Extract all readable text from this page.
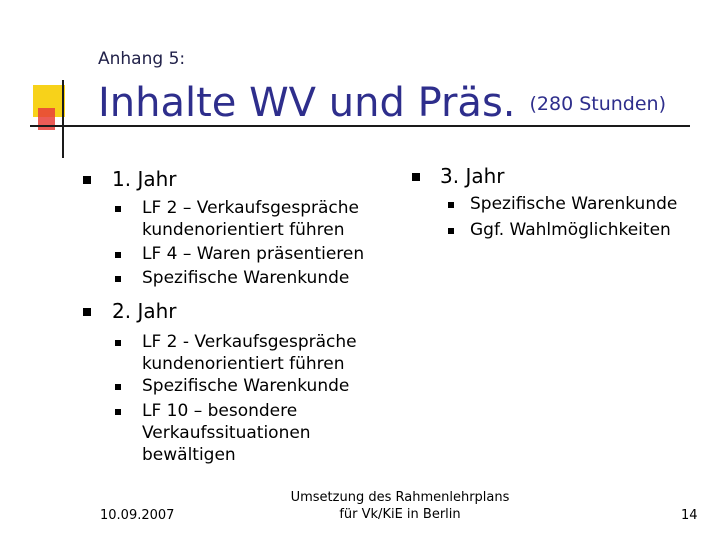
Anhang 5:
Inhalte WV und Präs. (280 Stunden)
1. Jahr
LF 2 – Verkaufsgespräche kundenorientiert führen
LF 4 – Waren präsentieren
Spezifische Warenkunde
2. Jahr
LF 2 - Verkaufsgespräche kundenorientiert führen
Spezifische Warenkunde
LF 10 – besondere Verkaufssituationen bewältigen
3. Jahr
Spezifische Warenkunde
Ggf. Wahlmöglichkeiten
10.09.2007
Umsetzung des Rahmenlehrplans
für Vk/KiE in Berlin	14
